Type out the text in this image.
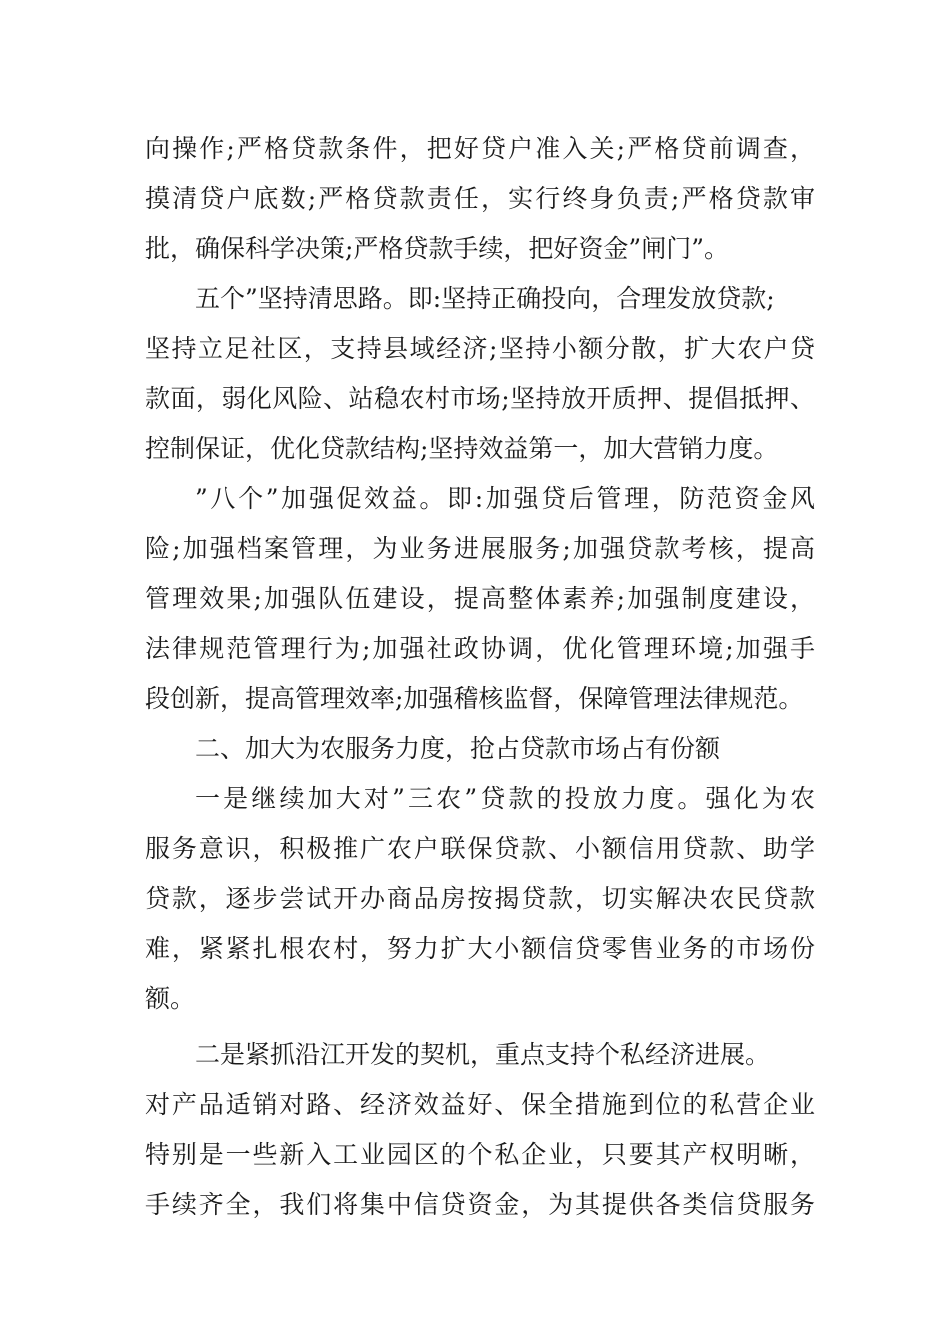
向操作;严格贷款条件，把好贷户准入关;严格贷前调查，
摸清贷户底数;严格贷款责任，实行终身负责;严格贷款审
批，确保科学决策;严格贷款手续，把好资金”闸门”。
五个”坚持清思路。即:坚持正确投向，合理发放贷款;
坚持立足社区，支持县域经济;坚持小额分散，扩大农户贷
款面，弱化风险、站稳农村市场;坚持放开质押、提倡抵押、
控制保证，优化贷款结构;坚持效益第一，加大营销力度。
”八个”加强促效益。即:加强贷后管理，防范资金风
险;加强档案管理，为业务进展服务;加强贷款考核，提高
管理效果;加强队伍建设，提高整体素养;加强制度建设，
法律规范管理行为;加强社政协调，优化管理环境;加强手
段创新，提高管理效率;加强稽核监督，保障管理法律规范。
二、加大为农服务力度，抢占贷款市场占有份额
一是继续加大对”三农”贷款的投放力度。强化为农
服务意识，积极推广农户联保贷款、小额信用贷款、助学
贷款，逐步尝试开办商品房按揭贷款，切实解决农民贷款
难，紧紧扎根农村，努力扩大小额信贷零售业务的市场份
额。
二是紧抓沿江开发的契机，重点支持个私经济进展。
对产品适销对路、经济效益好、保全措施到位的私营企业
特别是一些新入工业园区的个私企业，只要其产权明晰，
手续齐全，我们将集中信贷资金，为其提供各类信贷服务
